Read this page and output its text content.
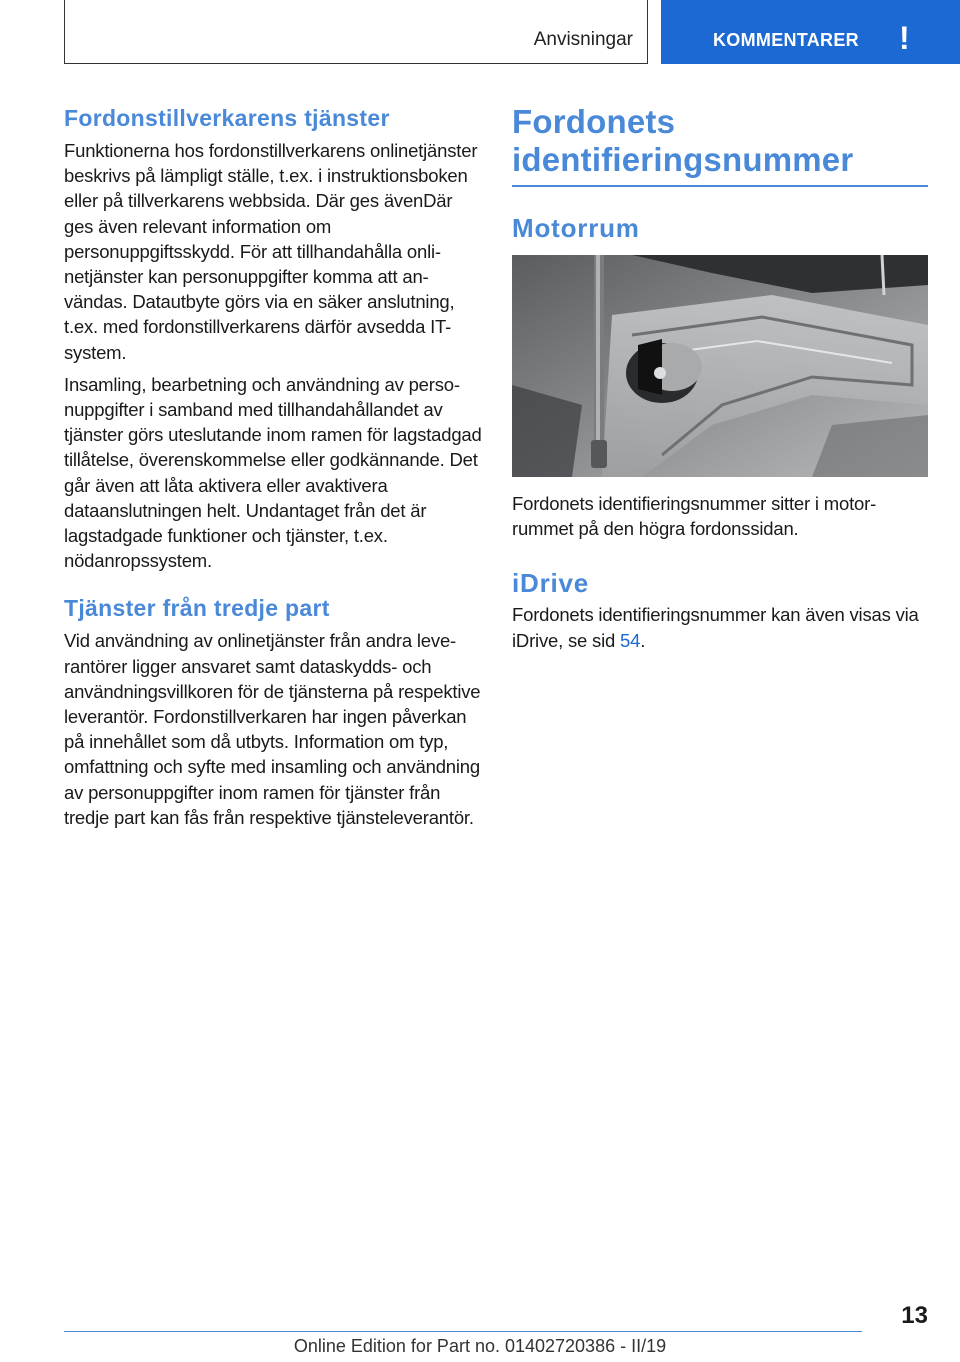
Anvisningar	KOMMENTARER !
Fordonstillverkarens tjänster

Funktionerna hos fordonstillverkarens onlinetjänster beskrivs på lämpligt ställe, t.ex. i instruktionsboken eller på tillverkarens webbsida. Där ges ävenDär ges även relevant information om personuppgiftsskydd. För att tillhandahålla onlinetjänster kan personuppgifter komma att användas. Datautbyte görs via en säker anslutning, t.ex. med fordonstillverkarens därför avsedda IT-system.

Insamling, bearbetning och användning av personuppgifter i samband med tillhandahållandet av tjänster görs uteslutande inom ramen för lagstadgad tillåtelse, överenskommelse eller godkännande. Det går även att låta aktivera eller avaktivera dataanslutningen helt. Undantaget från det är lagstadgade funktioner och tjänster, t.ex. nödanropssystem.

Tjänster från tredje part

Vid användning av onlinetjänster från andra leverantörer ligger ansvaret samt dataskydds- och användningsvillkoren för de tjänsterna på respektive leverantör. Fordonstillverkaren har ingen påverkan på innehållet som då utbyts. Information om typ, omfattning och syfte med insamling och användning av personuppgifter inom ramen för tjänster från tredje part kan fås från respektive tjänsteleverantör.

Fordonets identifieringsnummer
Motorrum

Fordonets identifieringsnummer sitter i motorrummet på den högra fordonssidan.

iDrive

Fordonets identifieringsnummer kan även visas via iDrive, se sid 54.

13
Online Edition for Part no. 01402720386 - II/19
